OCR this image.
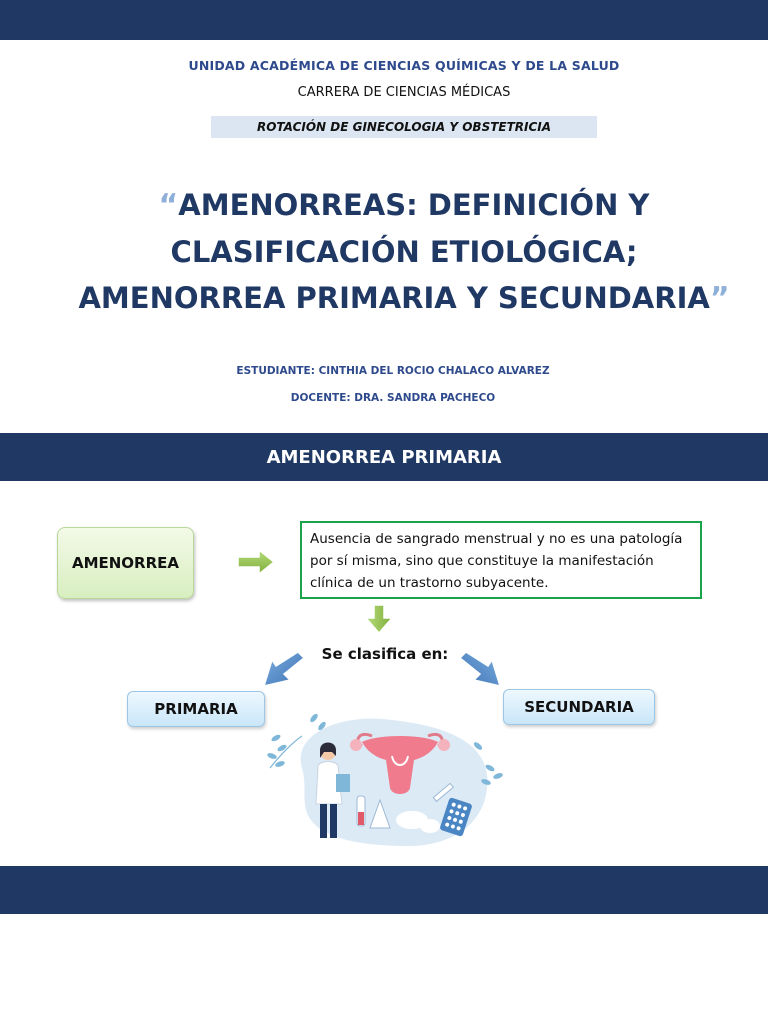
UNIDAD ACADÉMICA DE CIENCIAS QUÍMICAS Y DE LA SALUD
CARRERA DE CIENCIAS MÉDICAS
ROTACIÓN DE GINECOLOGIA Y OBSTETRICIA
“AMENORREAS: DEFINICIÓN Y
CLASIFICACIÓN ETIOLÓGICA;
AMENORREA PRIMARIA Y SECUNDARIA”
ESTUDIANTE: CINTHIA DEL ROCIO CHALACO ALVAREZ
DOCENTE: DRA. SANDRA PACHECO
AMENORREA PRIMARIA
AMENORREA
Ausencia de sangrado menstrual y no es una patología por sí misma, sino que constituye la manifestación clínica de un trastorno subyacente.
Se clasifica en:
PRIMARIA	SECUNDARIA
